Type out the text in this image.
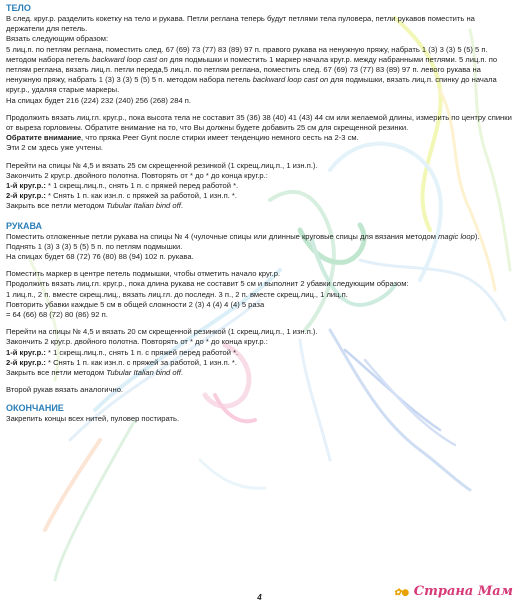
ТЕЛО

В след. круг.р. разделить кокетку на тело и рукава. Петли реглана теперь будут петлями тела пуловера, петли рукавов поместить на держатели для петель.

Вязать следующим образом:

5 лиц.п. по петлям реглана, поместить след. 67 (69) 73 (77) 83 (89) 97 п. правого рукава на ненужную пряжу, набрать 1 (3) 3 (3) 5 (5) 5 п. методом набора петель backward loop cast on для подмышки и поместить 1 маркер начала круг.р. между набранными петлями. 5 лиц.п. по петлям реглана, вязать лиц.п. петли переда,5 лиц.п. по петлям реглана, поместить след. 67 (69) 73 (77) 83 (89) 97 п. левого рукава на ненужную пряжу, набрать 1 (3) 3 (3) 5 (5) 5 п. методом набора петель backward loop cast on для подмышки, вязать лиц.п. спинку до начала круг.р., удаляя старые маркеры.

На спицах будет 216 (224) 232 (240) 256 (268) 284 п.

Продолжить вязать лиц.гл. круг.р., пока высота тела не составит 35 (36) 38 (40) 41 (43) 44 см или желаемой длины, измерить по центру спинки от выреза горловины. Обратите внимание на то, что Вы должны будете добавить 25 см для скрещенной резинки.

Обратите внимание, что пряжа Peer Gynt после стирки имеет тенденцию немного сесть на 2-3 см.

Эти 2 см здесь уже учтены.

Перейти на спицы № 4,5 и вязать 25 см скрещенной резинкой (1 скрещ.лиц.п., 1 изн.п.).

Закончить 2 круг.р. двойного полотна. Повторять от * до * до конца круг.р.:

1-й круг.р.: * 1 скрещ.лиц.п., снять 1 п. с пряжей перед работой *.

2-й круг.р.: * Снять 1 п. как изн.п. с пряжей за работой, 1 изн.п. *.

Закрыть все петли методом Tubular Italian bind off.

РУКАВА

Поместить отложенные петли рукава на спицы № 4 (чулочные спицы или длинные круговые спицы для вязания методом magic loop).

Поднять 1 (3) 3 (3) 5 (5) 5 п. по петлям подмышки.

На спицах будет 68 (72) 76 (80) 88 (94) 102 п. рукава.

Поместить маркер в центре петель подмышки, чтобы отметить начало круг.р.

Продолжить вязать лиц.гл. круг.р., пока длина рукава не составит 5 см и выполнит 2 убавки следующим образом:

1 лиц.п., 2 п. вместе скрещ.лиц., вязать лиц.гл. до последн. 3 п., 2 п. вместе скрещ.лиц., 1 лиц.п.

Повторить убавки каждые 5 см в общей сложности 2 (3) 4 (4) 4 (4) 5 раза

= 64 (66) 68 (72) 80 (86) 92 п.

Перейти на спицы № 4,5 и вязать 20 см скрещенной резинкой (1 скрещ.лиц.п., 1 изн.п.).

Закончить 2 круг.р. двойного полотна. Повторять от * до * до конца круг.р.:

1-й круг.р.: * 1 скрещ.лиц.п., снять 1 п. с пряжей перед работой *.

2-й круг.р.: * Снять 1 п. как изн.п. с пряжей за работой, 1 изн.п. *.

Закрыть все петли методом Tubular Italian bind off.

Второй рукав вязать аналогично.

ОКОНЧАНИЕ

Закрепить концы всех нитей, пуловер постирать.

4	✿● Страна Мам
